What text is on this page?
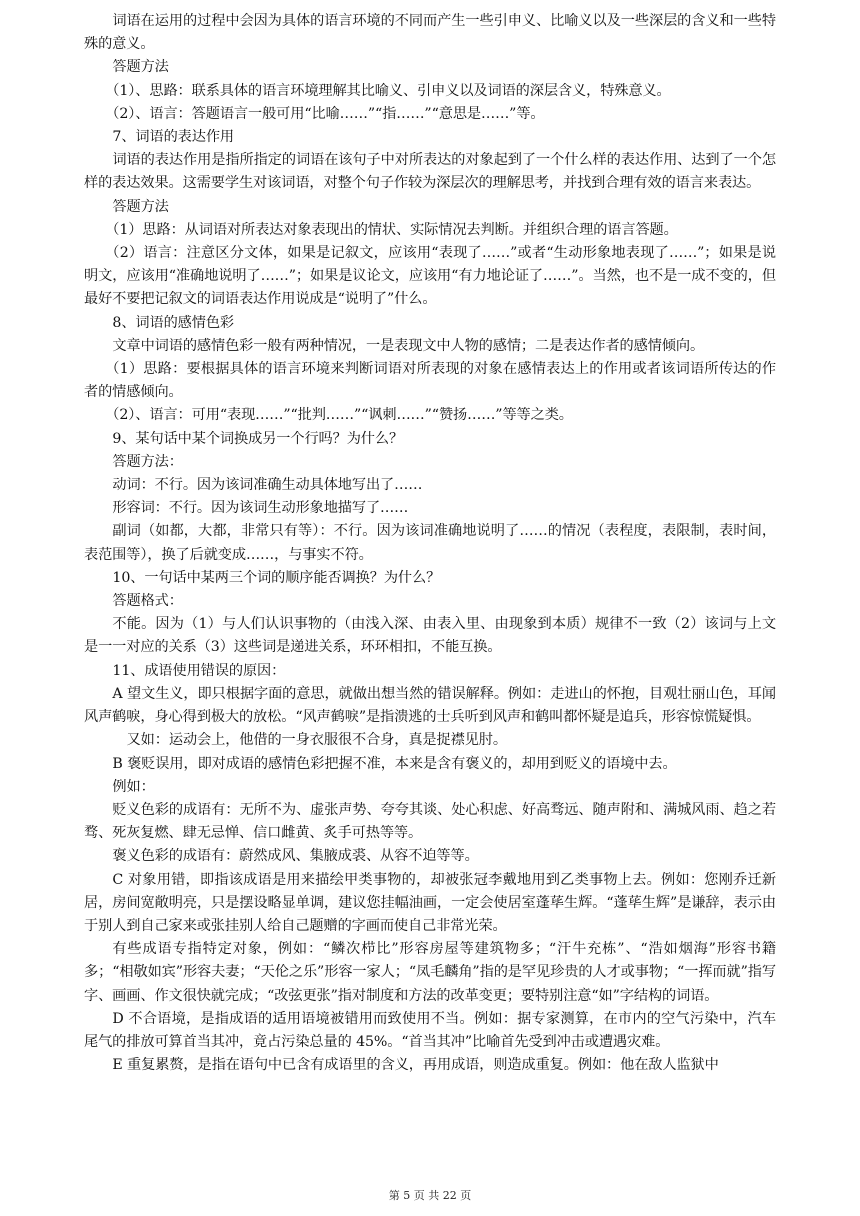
词语在运用的过程中会因为具体的语言环境的不同而产生一些引申义、比喻义以及一些深层的含义和一些特殊的意义。

答题方法

（1）、思路：联系具体的语言环境理解其比喻义、引申义以及词语的深层含义，特殊意义。

（2）、语言：答题语言一般可用“比喻……”“指……”“意思是……”等。

7、词语的表达作用

词语的表达作用是指所指定的词语在该句子中对所表达的对象起到了一个什么样的表达作用、达到了一个怎样的表达效果。这需要学生对该词语，对整个句子作较为深层次的理解思考，并找到合理有效的语言来表达。

答题方法

（1）思路：从词语对所表达对象表现出的情状、实际情况去判断。并组织合理的语言答题。

（2）语言：注意区分文体，如果是记叙文，应该用“表现了……”或者“生动形象地表现了……”；如果是说明文，应该用“准确地说明了……”；如果是议论文，应该用“有力地论证了……”。当然，也不是一成不变的，但最好不要把记叙文的词语表达作用说成是“说明了”什么。

8、词语的感情色彩

文章中词语的感情色彩一般有两种情况，一是表现文中人物的感情；二是表达作者的感情倾向。

（1）思路：要根据具体的语言环境来判断词语对所表现的对象在感情表达上的作用或者该词语所传达的作者的情感倾向。

（2）、语言：可用“表现……”“批判……”“讽刺……”“赞扬……”等等之类。

9、某句话中某个词换成另一个行吗？为什么？

答题方法：

动词：不行。因为该词准确生动具体地写出了……

形容词：不行。因为该词生动形象地描写了……

副词（如都，大都，非常只有等）：不行。因为该词准确地说明了……的情况（表程度，表限制，表时间，表范围等），换了后就变成……，与事实不符。

10、一句话中某两三个词的顺序能否调换？为什么？

答题格式：

不能。因为（1）与人们认识事物的（由浅入深、由表入里、由现象到本质）规律不一致（2）该词与上文是一一对应的关系（3）这些词是递进关系，环环相扣，不能互换。

11、成语使用错误的原因：

A 望文生义，即只根据字面的意思，就做出想当然的错误解释。例如：走进山的怀抱，目观壮丽山色，耳闻风声鹤唳，身心得到极大的放松。“风声鹤唳”是指溃逃的士兵听到风声和鹤叫都怀疑是追兵，形容惊慌疑惧。

又如：运动会上，他借的一身衣服很不合身，真是捉襟见肘。

B 褒贬误用，即对成语的感情色彩把握不准，本来是含有褒义的，却用到贬义的语境中去。

例如：

贬义色彩的成语有：无所不为、虚张声势、夸夸其谈、处心积虑、好高骛远、随声附和、满城风雨、趋之若骛、死灰复燃、肆无忌惮、信口雌黄、炙手可热等等。

褒义色彩的成语有：蔚然成风、集腋成裘、从容不迫等等。

C 对象用错，即指该成语是用来描绘甲类事物的，却被张冠李戴地用到乙类事物上去。例如：您刚乔迁新居，房间宽敞明亮，只是摆设略显单调，建议您挂幅油画，一定会使居室蓬荜生辉。“蓬荜生辉”是谦辞，表示由于别人到自己家来或张挂别人给自己题赠的字画而使自己非常光荣。

有些成语专指特定对象，例如：“鳞次栉比”形容房屋等建筑物多；“汗牛充栋”、“浩如烟海”形容书籍多；“相敬如宾”形容夫妻；“天伦之乐”形容一家人；“凤毛麟角”指的是罕见珍贵的人才或事物；“一挥而就”指写字、画画、作文很快就完成；“改弦更张”指对制度和方法的改革变更；要特别注意“如”字结构的词语。

D 不合语境，是指成语的适用语境被错用而致使用不当。例如：据专家测算，在市内的空气污染中，汽车尾气的排放可算首当其冲，竟占污染总量的 45%。“首当其冲”比喻首先受到冲击或遭遇灾难。

E 重复累赘，是指在语句中已含有成语里的含义，再用成语，则造成重复。例如：他在敌人监狱中

第 5 页 共 22 页
